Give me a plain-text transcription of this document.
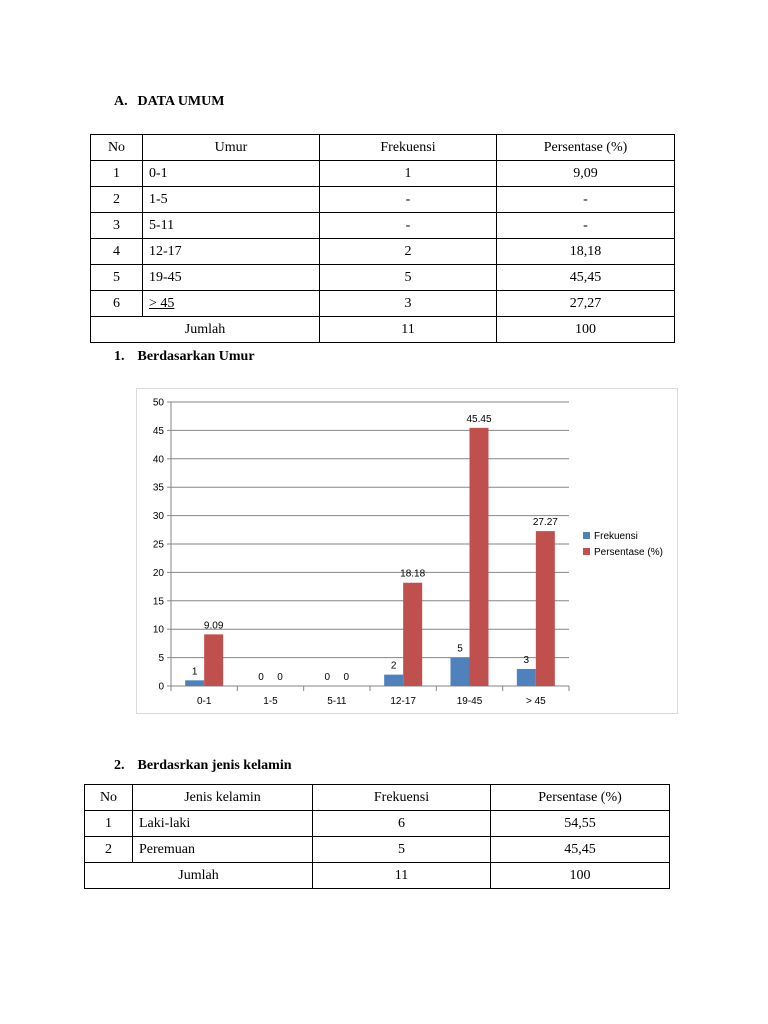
A. DATA UMUM
No	Umur	Frekuensi	Persentase (%)
1	0-1	1	9,09
2	1-5	-	-
3	5-11	-	-
4	12-17	2	18,18
5	19-45	5	45,45
6	> 45	3	27,27
Jumlah		11	100
1. Berdasarkan Umur
0
5
10
15
20
25
30
35
40
45
50
0-1	1-5	5-11	12-17	19-45	> 45
1
0	0
2
5
3
9.09
0	0
18.18
45.45
27.27
Frekuensi
Persentase (%)
2. Berdasrkan jenis kelamin
No	Jenis kelamin	Frekuensi	Persentase (%)
1	Laki-laki	6	54,55
2	Peremuan	5	45,45
Jumlah		11	100
